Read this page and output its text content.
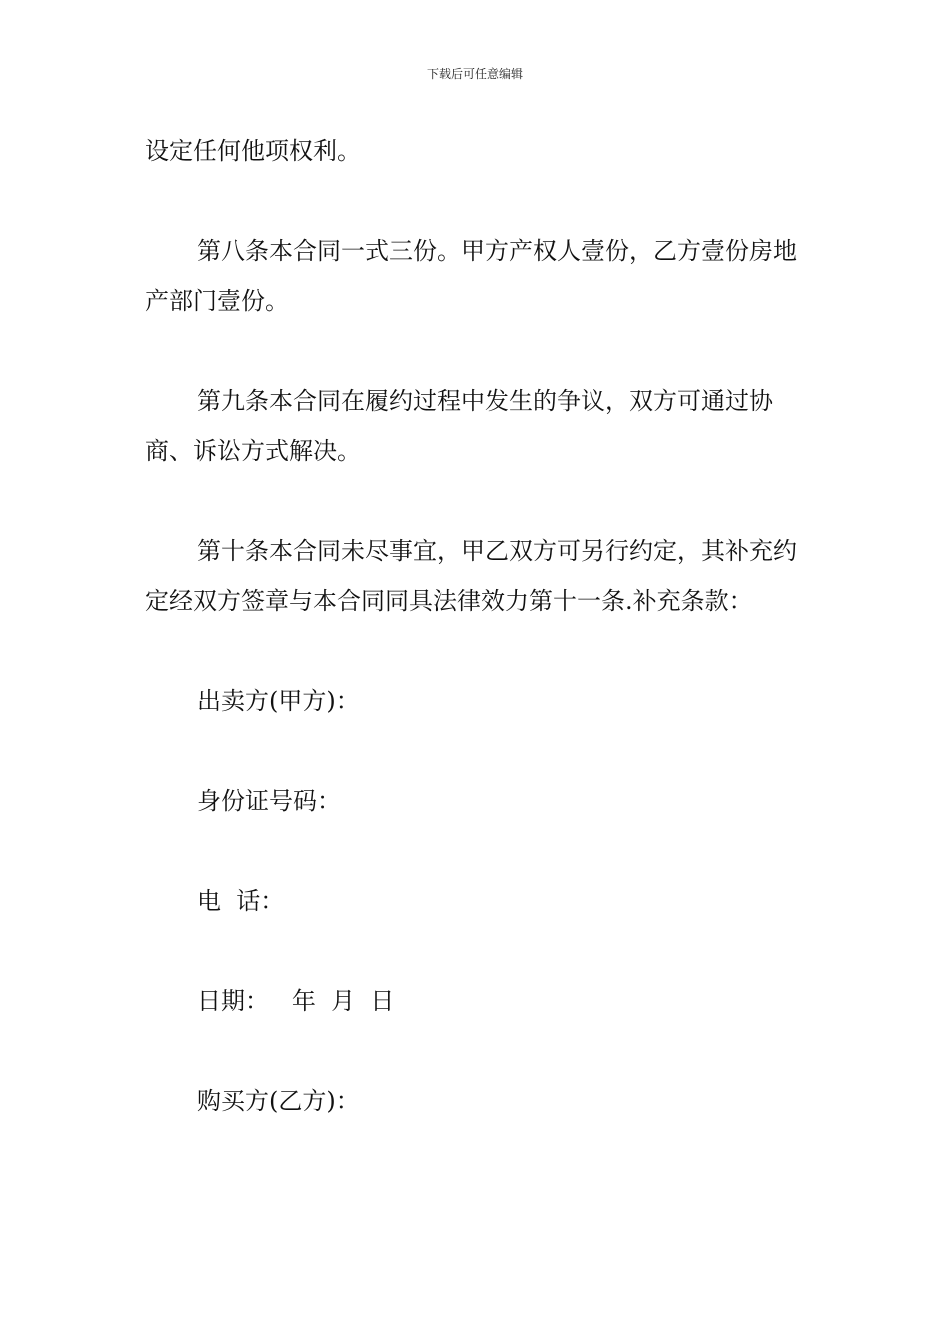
下载后可任意编辑

设定任何他项权利。

第八条本合同一式三份。甲方产权人壹份，乙方壹份房地产部门壹份。

第九条本合同在履约过程中发生的争议，双方可通过协商、诉讼方式解决。

第十条本合同未尽事宜，甲乙双方可另行约定，其补充约定经双方签章与本合同同具法律效力第十一条.补充条款：

出卖方(甲方)：

身份证号码：

电  话：

日期：   年  月  日

购买方(乙方)：
